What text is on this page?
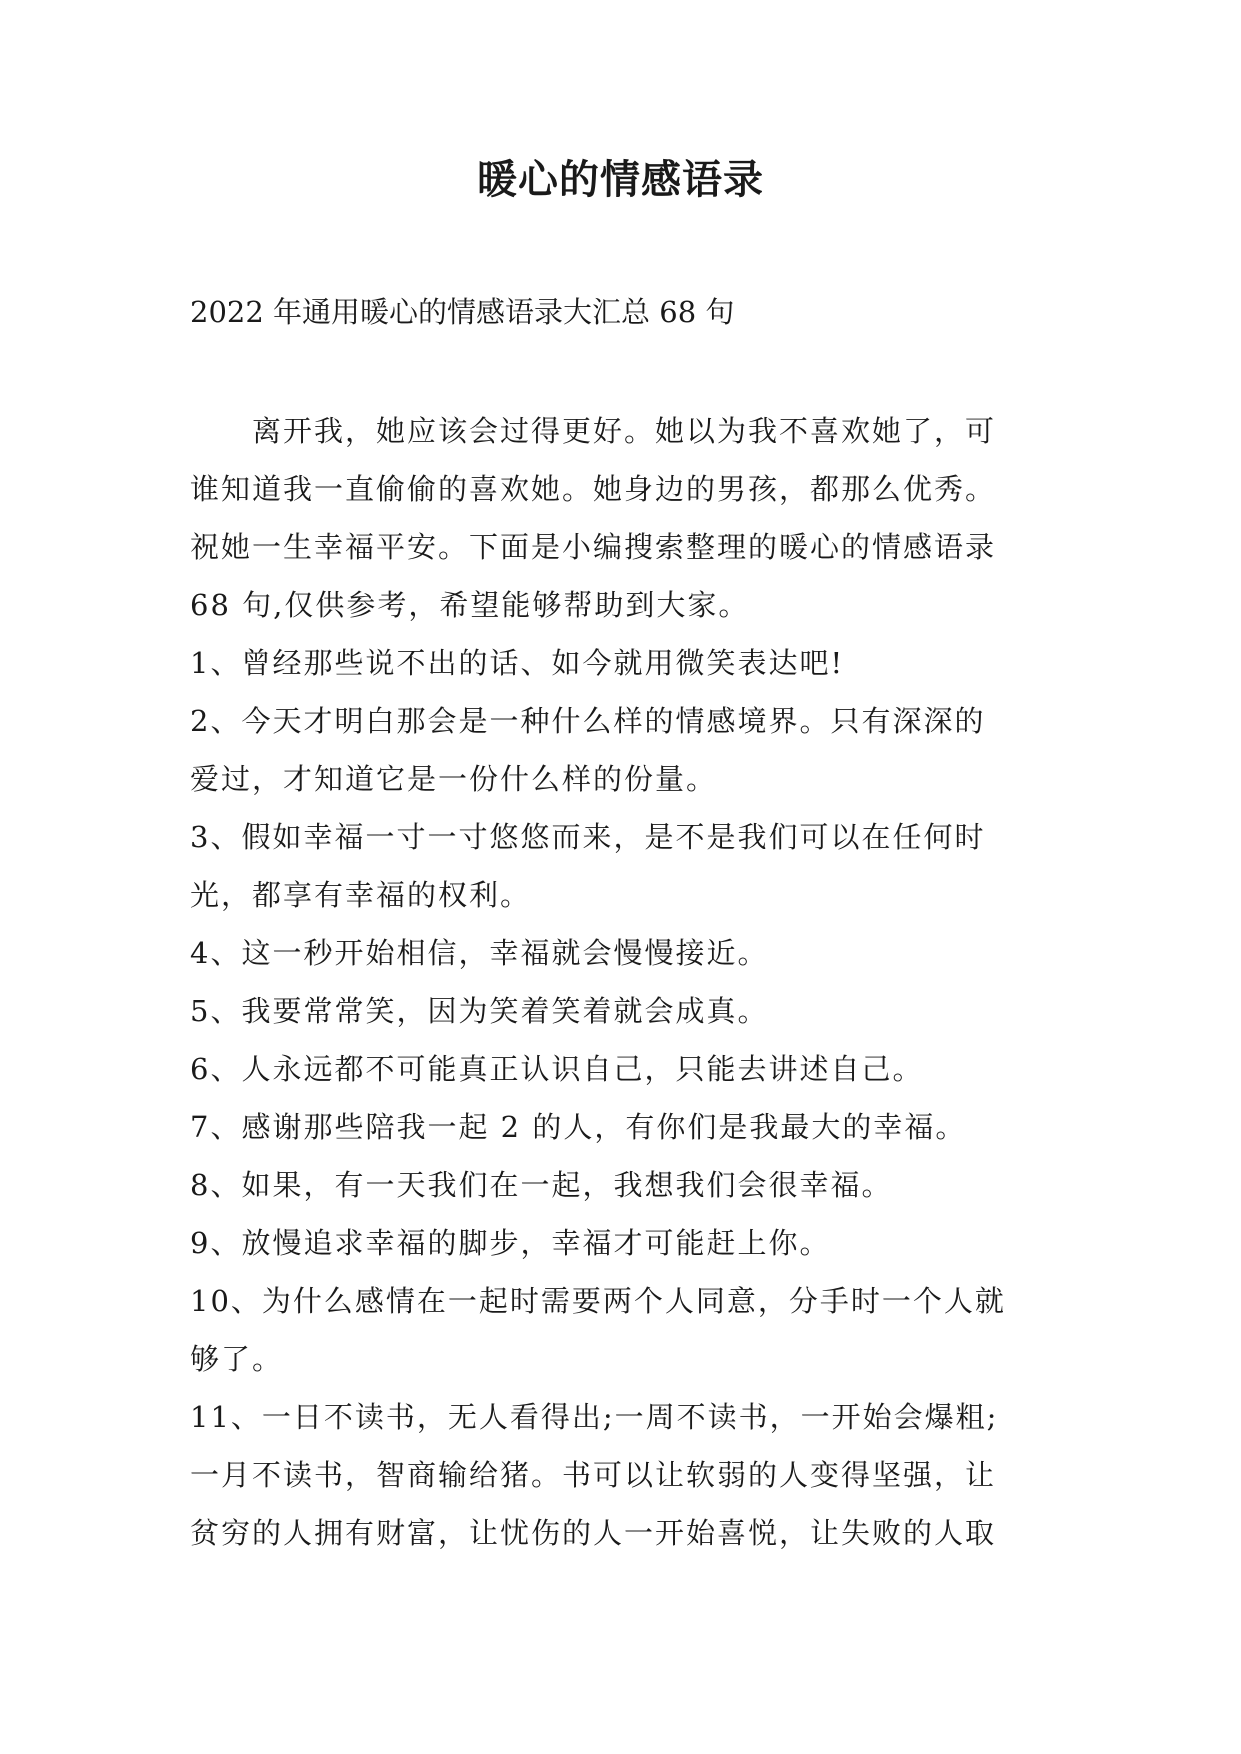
暖心的情感语录
2022 年通用暖心的情感语录大汇总 68 句
　　离开我，她应该会过得更好。她以为我不喜欢她了，可
谁知道我一直偷偷的喜欢她。她身边的男孩，都那么优秀。
祝她一生幸福平安。下面是小编搜索整理的暖心的情感语录
68 句,仅供参考，希望能够帮助到大家。
1、曾经那些说不出的话、如今就用微笑表达吧!
2、今天才明白那会是一种什么样的情感境界。只有深深的
爱过，才知道它是一份什么样的份量。
3、假如幸福一寸一寸悠悠而来，是不是我们可以在任何时
光，都享有幸福的权利。
4、这一秒开始相信，幸福就会慢慢接近。
5、我要常常笑，因为笑着笑着就会成真。
6、人永远都不可能真正认识自己，只能去讲述自己。
7、感谢那些陪我一起 2 的人，有你们是我最大的幸福。
8、如果，有一天我们在一起，我想我们会很幸福。
9、放慢追求幸福的脚步，幸福才可能赶上你。
10、为什么感情在一起时需要两个人同意，分手时一个人就
够了。
11、一日不读书，无人看得出;一周不读书，一开始会爆粗;
一月不读书，智商输给猪。书可以让软弱的人变得坚强，让
贫穷的人拥有财富，让忧伤的人一开始喜悦，让失败的人取
